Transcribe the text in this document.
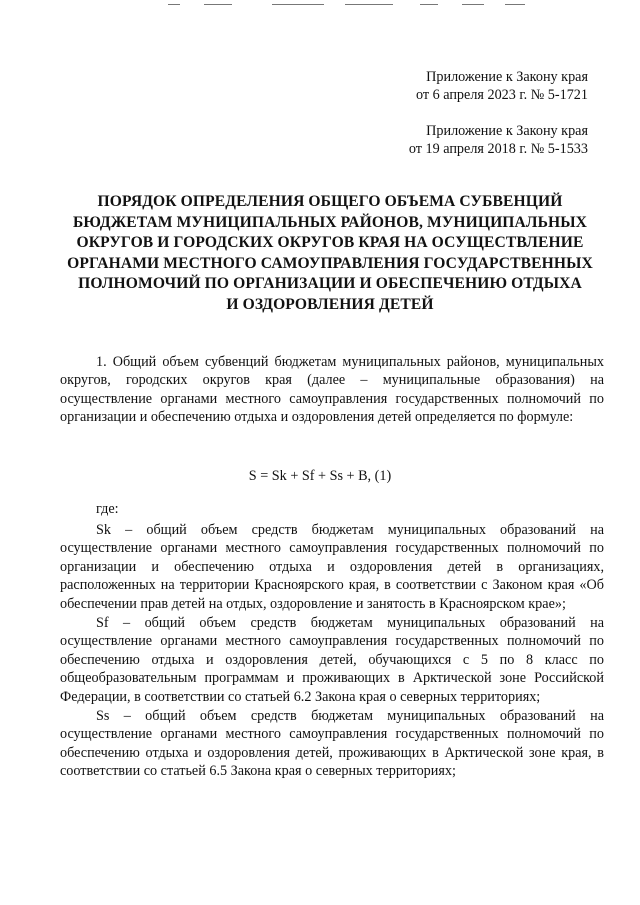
Приложение к Закону края
от 6 апреля 2023 г. № 5-1721
Приложение к Закону края
от 19 апреля 2018 г. № 5-1533
ПОРЯДОК ОПРЕДЕЛЕНИЯ ОБЩЕГО ОБЪЕМА СУБВЕНЦИЙ
БЮДЖЕТАМ МУНИЦИПАЛЬНЫХ РАЙОНОВ, МУНИЦИПАЛЬНЫХ
ОКРУГОВ И ГОРОДСКИХ ОКРУГОВ КРАЯ НА ОСУЩЕСТВЛЕНИЕ
ОРГАНАМИ МЕСТНОГО САМОУПРАВЛЕНИЯ ГОСУДАРСТВЕННЫХ
ПОЛНОМОЧИЙ ПО ОРГАНИЗАЦИИ И ОБЕСПЕЧЕНИЮ ОТДЫХА
И ОЗДОРОВЛЕНИЯ ДЕТЕЙ

1. Общий объем субвенций бюджетам муниципальных районов, муниципальных округов, городских округов края (далее – муниципальные образования) на осуществление органами местного самоуправления государственных полномочий по организации и обеспечению отдыха и оздоровления детей определяется по формуле:

S = Sk + Sf + Ss + B, (1)
где:

Sk – общий объем средств бюджетам муниципальных образований на осуществление органами местного самоуправления государственных полномочий по организации и обеспечению отдыха и оздоровления детей в организациях, расположенных на территории Красноярского края, в соответствии с Законом края «Об обеспечении прав детей на отдых, оздоровление и занятость в Красноярском крае»;

Sf – общий объем средств бюджетам муниципальных образований на осуществление органами местного самоуправления государственных полномочий по обеспечению отдыха и оздоровления детей, обучающихся с 5 по 8 класс по общеобразовательным программам и проживающих в Арктической зоне Российской Федерации, в соответствии со статьей 6.2 Закона края о северных территориях;

Ss – общий объем средств бюджетам муниципальных образований на осуществление органами местного самоуправления государственных полномочий по обеспечению отдыха и оздоровления детей, проживающих в Арктической зоне края, в соответствии со статьей 6.5 Закона края о северных территориях;
